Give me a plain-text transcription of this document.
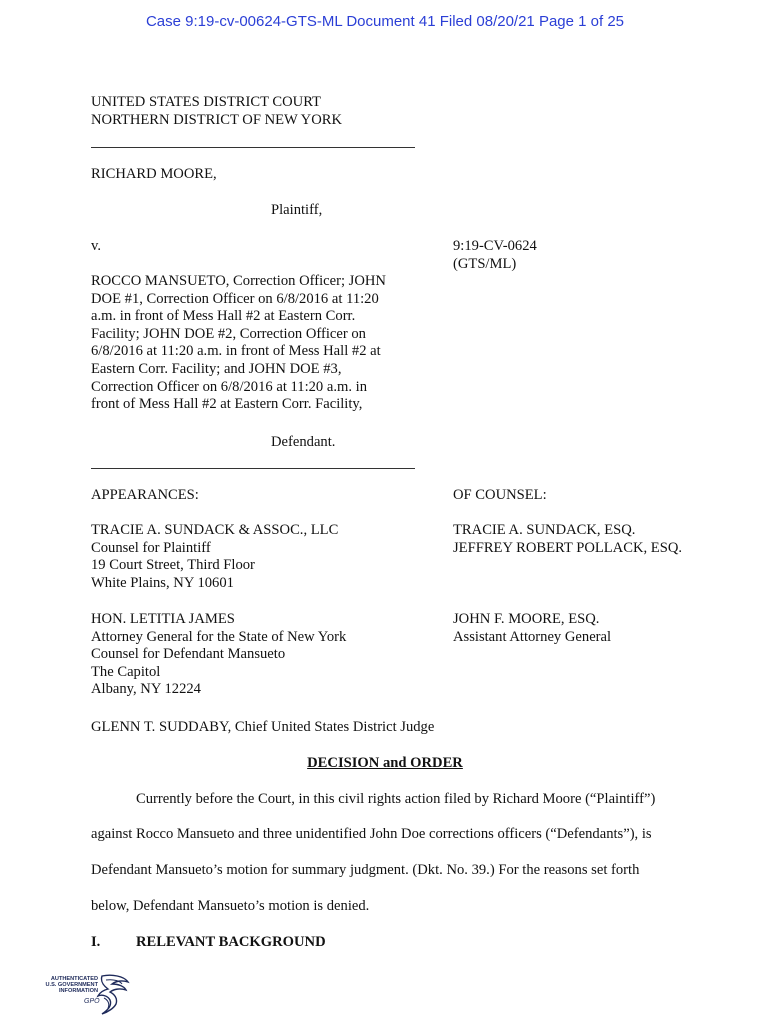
Case 9:19-cv-00624-GTS-ML Document 41 Filed 08/20/21 Page 1 of 25
UNITED STATES DISTRICT COURT
NORTHERN DISTRICT OF NEW YORK
RICHARD MOORE,
Plaintiff,
v.	9:19-CV-0624
(GTS/ML)
ROCCO MANSUETO, Correction Officer; JOHN
DOE #1, Correction Officer on 6/8/2016 at 11:20
a.m. in front of Mess Hall #2 at Eastern Corr.
Facility; JOHN DOE #2, Correction Officer on
6/8/2016 at 11:20 a.m. in front of Mess Hall #2 at
Eastern Corr. Facility; and JOHN DOE #3,
Correction Officer on 6/8/2016 at 11:20 a.m. in
front of Mess Hall #2 at Eastern Corr. Facility,
Defendant.
APPEARANCES:	OF COUNSEL:
TRACIE A. SUNDACK & ASSOC., LLC
Counsel for Plaintiff
19 Court Street, Third Floor
White Plains, NY 10601
TRACIE A. SUNDACK, ESQ.
JEFFREY ROBERT POLLACK, ESQ.
HON. LETITIA JAMES
Attorney General for the State of New York
Counsel for Defendant Mansueto
The Capitol
Albany, NY 12224
JOHN F. MOORE, ESQ.
Assistant Attorney General
GLENN T. SUDDABY, Chief United States District Judge
DECISION and ORDER
Currently before the Court, in this civil rights action filed by Richard Moore (“Plaintiff”)
against Rocco Mansueto and three unidentified John Doe corrections officers (“Defendants”), is
Defendant Mansueto’s motion for summary judgment. (Dkt. No. 39.) For the reasons set forth
below, Defendant Mansueto’s motion is denied.
I. RELEVANT BACKGROUND
AUTHENTICATED
U.S. GOVERNMENT
INFORMATION
GPO
